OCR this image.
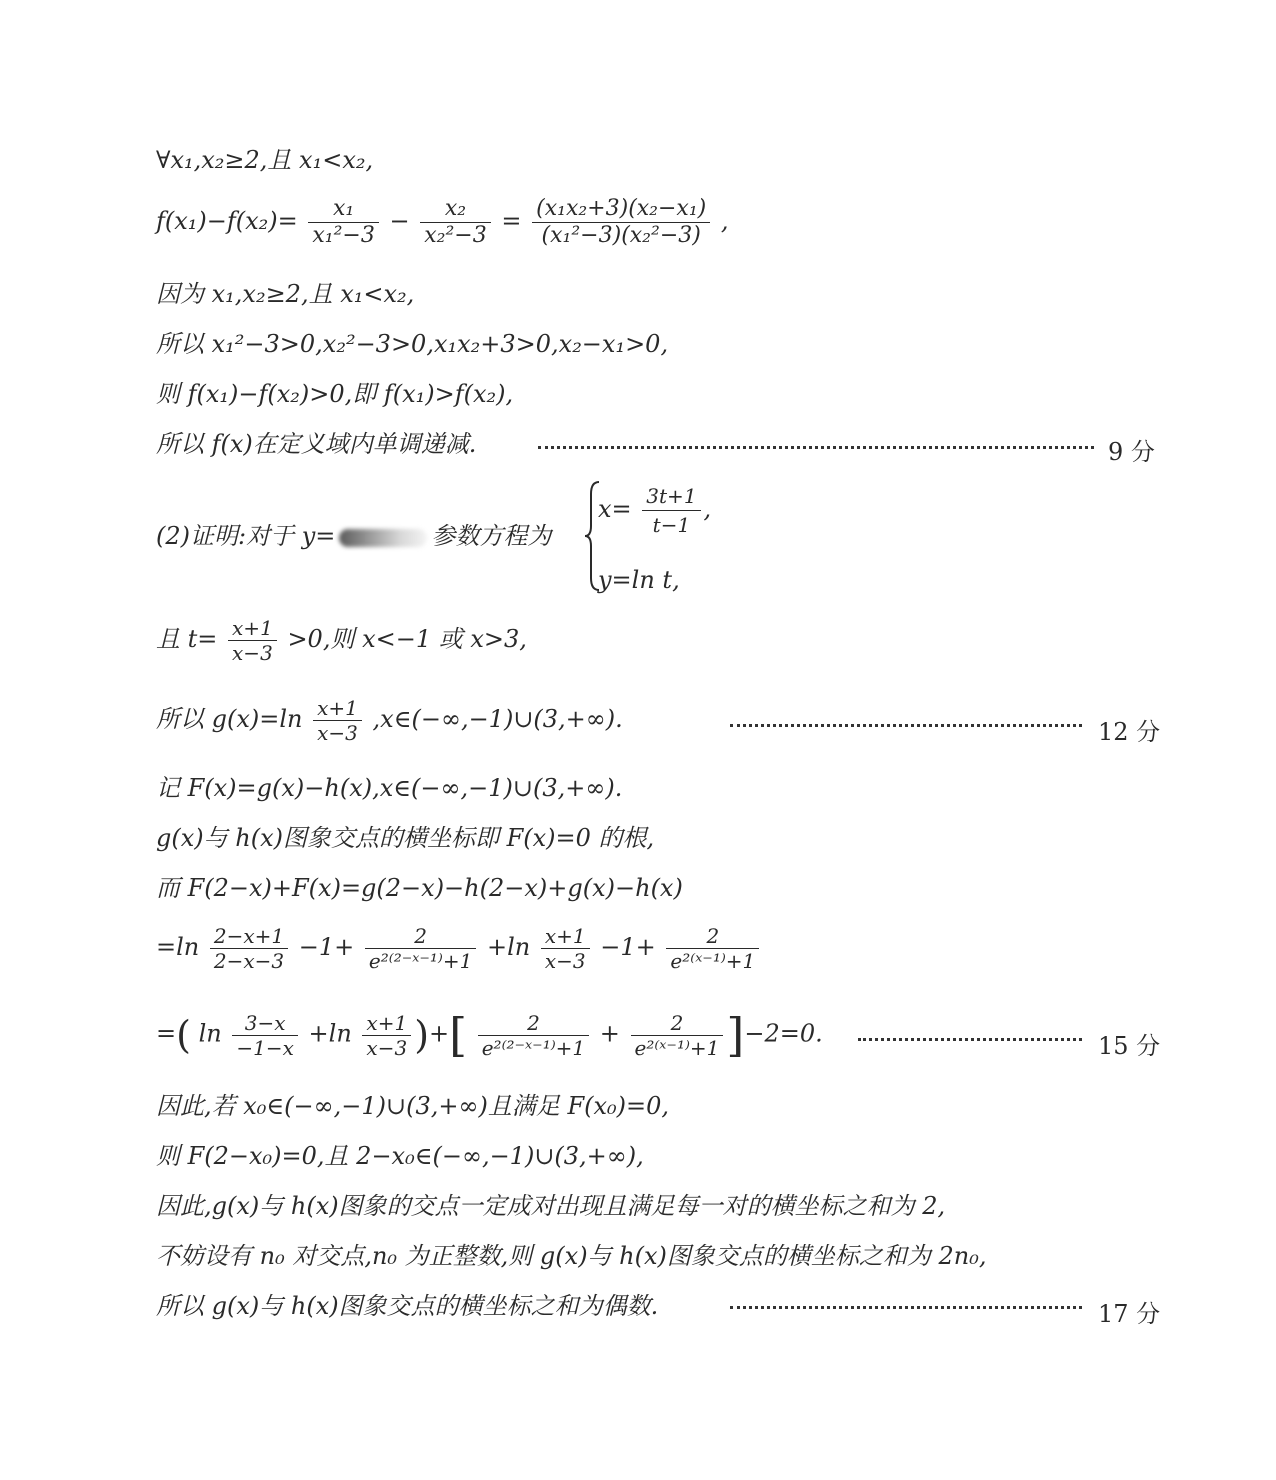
∀x₁,x₂≥2,且 x₁<x₂,
$f(x_1)-f(x_2)= \frac{\text{x₁}}{\text{x₁²−3}} - \frac{\text{x₂}}{\text{x₂²−3}} = \frac{\text{(x₁x₂+3)(x₂−x₁)}}{\text{(x₁²−3)(x₂²−3)}}$ ,
因为 x₁,x₂≥2,且 x₁<x₂,
所以 x₁²−3>0,x₂²−3>0,x₁x₂+3>0,x₂−x₁>0,
则 f(x₁)−f(x₂)>0,即 f(x₁)>f(x₂),
所以 f(x)在定义域内单调递减.	9 分
(2)证明:对于 y=	参数方程为
$x= \frac{3t+1}{t-1}$ ,
y=ln t,
且 $t= \frac{x+1}{x-3} >0$,则 x<−1 或 x>3,
所以 $g(x)=\ln \frac{x+1}{x-3}$ ,x∈(−∞,−1)∪(3,+∞).	12 分
记 F(x)=g(x)−h(x),x∈(−∞,−1)∪(3,+∞).
g(x)与 h(x)图象交点的横坐标即 F(x)=0 的根,
而 F(2−x)+F(x)=g(2−x)−h(2−x)+g(x)−h(x)
$=\ln \frac{2-x+1}{2-x-3} -1+ \frac{2}{\text{e²⁽²⁻ˣ⁻¹⁾+1}} +\ln \frac{x+1}{x-3} -1+ \frac{2}{\text{e²⁽ˣ⁻¹⁾+1}}$
=( $\ln \frac{3-x}{-1-x} +\ln \frac{x+1}{x-3}$ )+[ $\frac{2}{\text{e²⁽²⁻ˣ⁻¹⁾+1}} + \frac{2}{\text{e²⁽ˣ⁻¹⁾+1}} ]-2=0$.	15 分
因此,若 x₀∈(−∞,−1)∪(3,+∞)且满足 F(x₀)=0,
则 F(2−x₀)=0,且 2−x₀∈(−∞,−1)∪(3,+∞),
因此,g(x)与 h(x)图象的交点一定成对出现且满足每一对的横坐标之和为 2,
不妨设有 n₀ 对交点,n₀ 为正整数,则 g(x)与 h(x)图象交点的横坐标之和为 2n₀,
所以 g(x)与 h(x)图象交点的横坐标之和为偶数.	17 分
